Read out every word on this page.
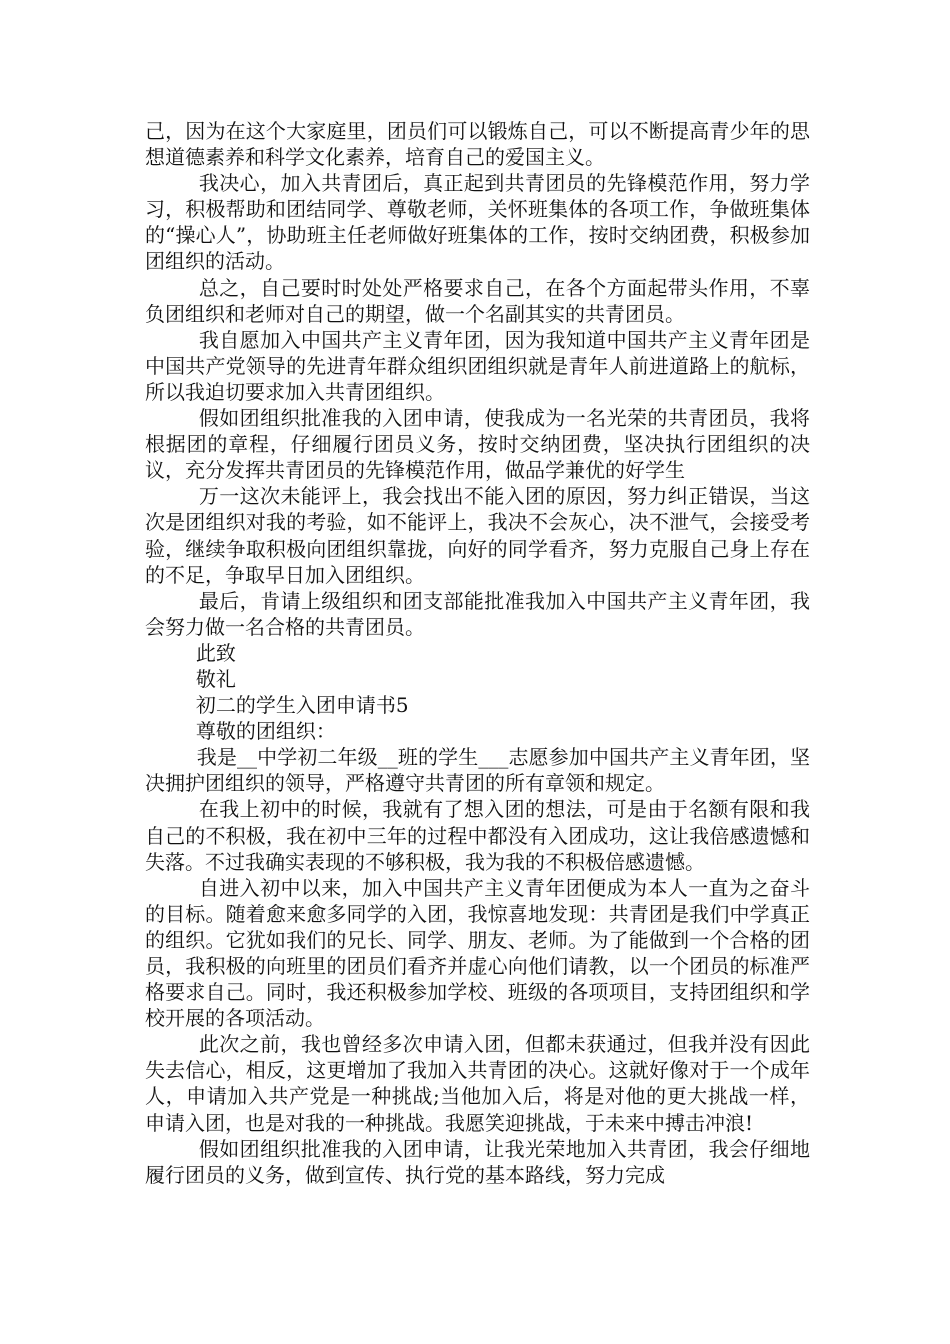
己，因为在这个大家庭里，团员们可以锻炼自己，可以不断提高青少年的思想道德素养和科学文化素养，培育自己的爱国主义。

我决心，加入共青团后，真正起到共青团员的先锋模范作用，努力学习，积极帮助和团结同学、尊敬老师，关怀班集体的各项工作，争做班集体的“操心人”，协助班主任老师做好班集体的工作，按时交纳团费，积极参加团组织的活动。

总之，自己要时时处处严格要求自己，在各个方面起带头作用，不辜负团组织和老师对自己的期望，做一个名副其实的共青团员。

我自愿加入中国共产主义青年团，因为我知道中国共产主义青年团是中国共产党领导的先进青年群众组织团组织就是青年人前进道路上的航标，所以我迫切要求加入共青团组织。

假如团组织批准我的入团申请，使我成为一名光荣的共青团员，我将根据团的章程，仔细履行团员义务，按时交纳团费，坚决执行团组织的决议，充分发挥共青团员的先锋模范作用，做品学兼优的好学生

万一这次未能评上，我会找出不能入团的原因，努力纠正错误，当这次是团组织对我的考验，如不能评上，我决不会灰心，决不泄气，会接受考验，继续争取积极向团组织靠拢，向好的同学看齐，努力克服自己身上存在的不足，争取早日加入团组织。

最后，肯请上级组织和团支部能批准我加入中国共产主义青年团，我会努力做一名合格的共青团员。

此致

敬礼

初二的学生入团申请书5

尊敬的团组织：

我是__中学初二年级__班的学生___志愿参加中国共产主义青年团，坚决拥护团组织的领导，严格遵守共青团的所有章领和规定。

在我上初中的时候，我就有了想入团的想法，可是由于名额有限和我自己的不积极，我在初中三年的过程中都没有入团成功，这让我倍感遗憾和失落。不过我确实表现的不够积极，我为我的不积极倍感遗憾。

自进入初中以来，加入中国共产主义青年团便成为本人一直为之奋斗的目标。随着愈来愈多同学的入团，我惊喜地发现：共青团是我们中学真正的组织。它犹如我们的兄长、同学、朋友、老师。为了能做到一个合格的团员，我积极的向班里的团员们看齐并虚心向他们请教，以一个团员的标准严格要求自己。同时，我还积极参加学校、班级的各项项目，支持团组织和学校开展的各项活动。

此次之前，我也曾经多次申请入团，但都未获通过，但我并没有因此失去信心，相反，这更增加了我加入共青团的决心。这就好像对于一个成年人，申请加入共产党是一种挑战;当他加入后，将是对他的更大挑战一样，申请入团，也是对我的一种挑战。我愿笑迎挑战，于未来中搏击冲浪!

假如团组织批准我的入团申请，让我光荣地加入共青团，我会仔细地履行团员的义务，做到宣传、执行党的基本路线，努力完成
